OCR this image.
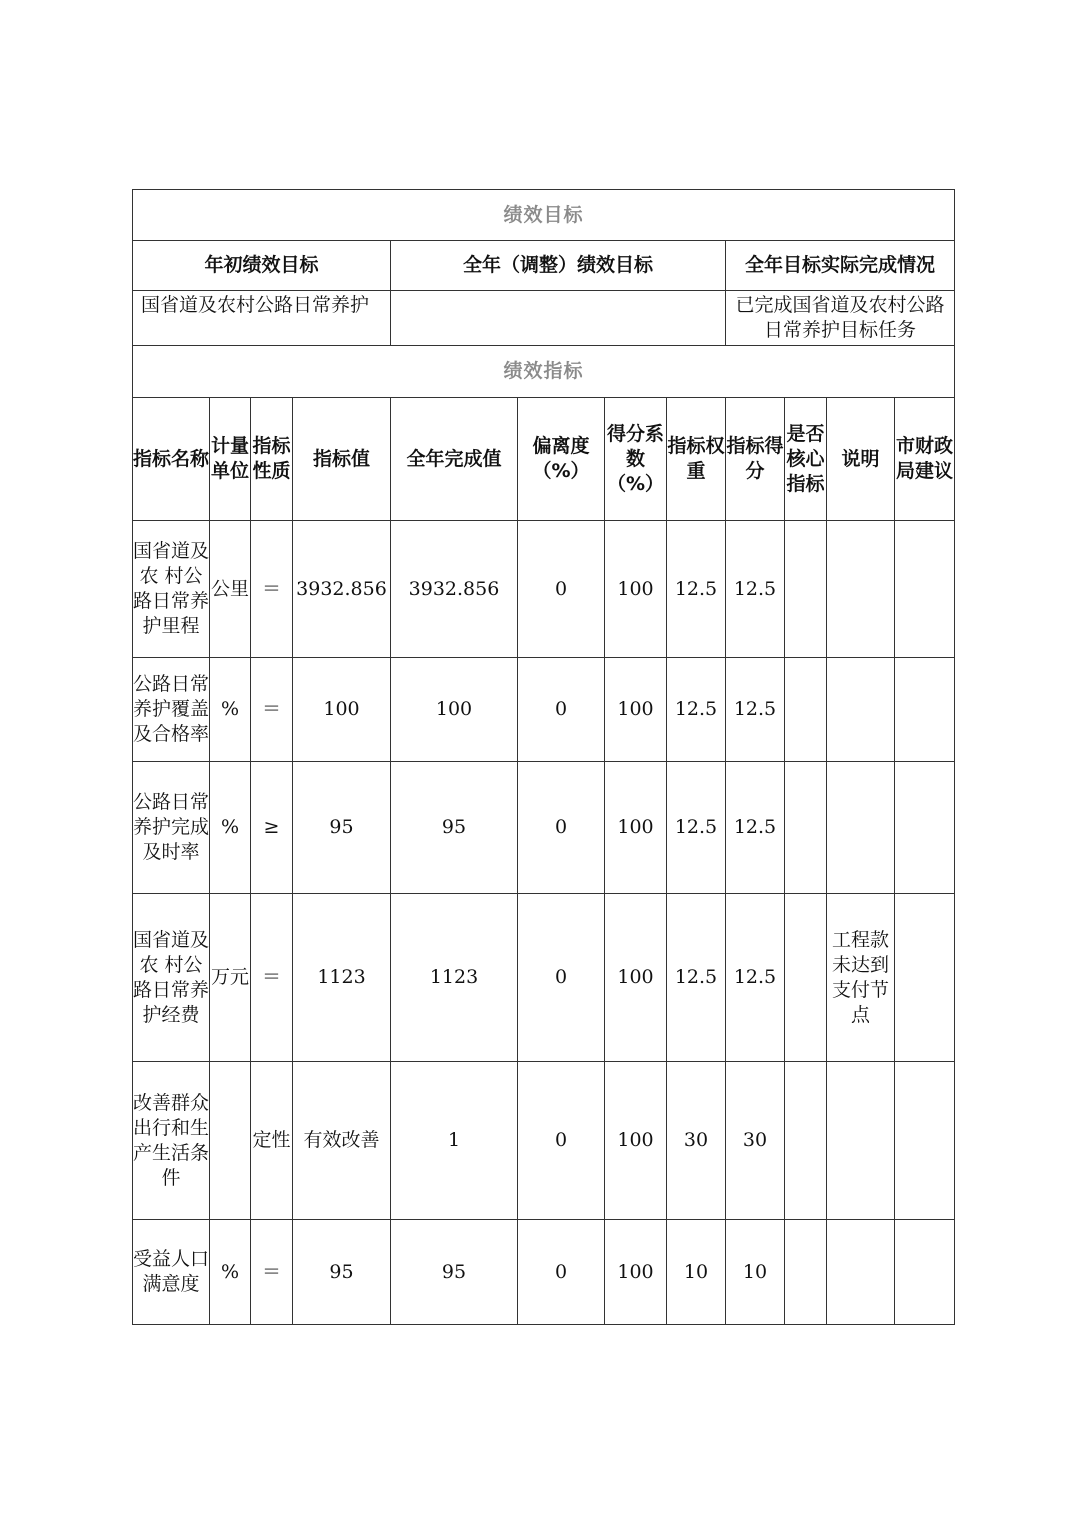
绩效目标											
年初绩效目标				全年（调整）绩效目标				全年目标实际完成情况			
国省道及农村公路日常养护								已完成国省道及农村公路日常养护目标任务			
绩效指标											
指标名称	计量单位	指标性质	指标值	全年完成值	偏离度（%）	得分系数（%）	指标权重	指标得分	是否核心指标	说明	市财政局建议
国省道及农 村公路日常养护里程	公里	＝	3932.856	3932.856	0	100	12.5	12.5			
公路日常养护覆盖及合格率	%	＝	100	100	0	100	12.5	12.5			
公路日常养护完成及时率	%	≥	95	95	0	100	12.5	12.5			
国省道及农 村公路日常养护经费	万元	＝	1123	1123	0	100	12.5	12.5		工程款未达到支付节点	
改善群众出行和生产生活条件		定性	有效改善	1	0	100	30	30			
受益人口满意度	%	＝	95	95	0	100	10	10			
